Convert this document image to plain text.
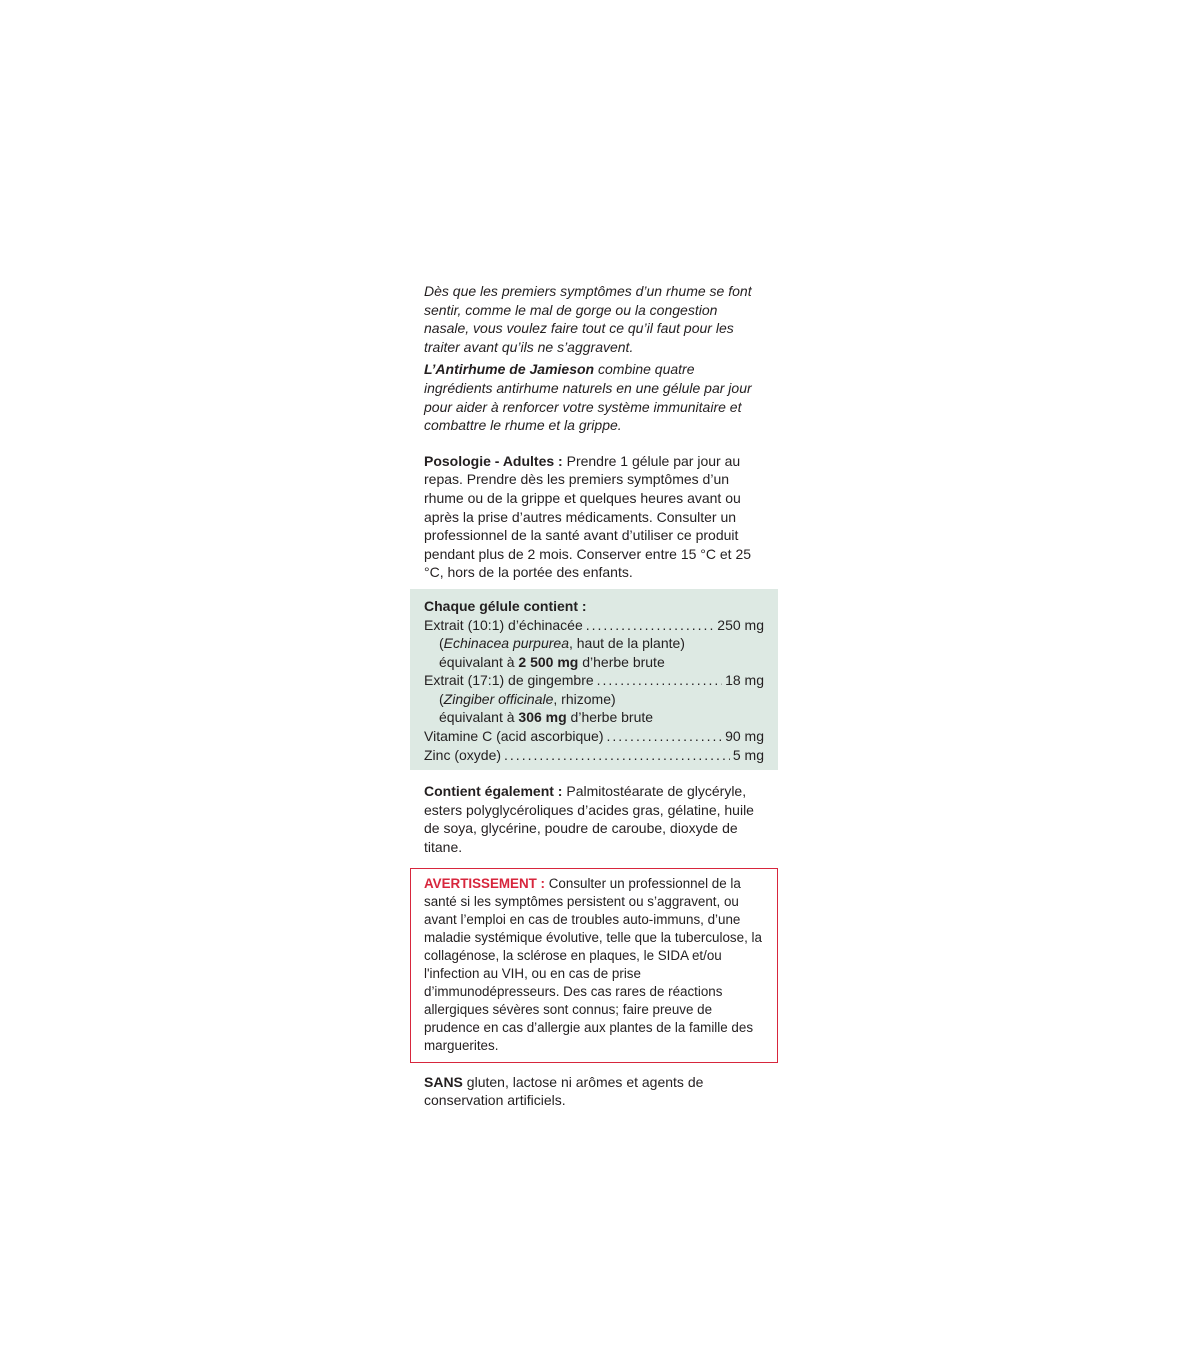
Dès que les premiers symptômes d’un rhume se font sentir, comme le mal de gorge ou la congestion nasale, vous voulez faire tout ce qu’il faut pour les traiter avant qu’ils ne s’aggravent.

L’Antirhume de Jamieson combine quatre ingrédients antirhume naturels en une gélule par jour pour aider à renforcer votre système immunitaire et combattre le rhume et la grippe.

Posologie - Adultes : Prendre 1 gélule par jour au repas. Prendre dès les premiers symptômes d’un rhume ou de la grippe et quelques heures avant ou après la prise d’autres médicaments. Consulter un professionnel de la santé avant d’utiliser ce produit pendant plus de 2 mois. Conserver entre 15 °C et 25 °C, hors de la portée des enfants.
Chaque gélule contient :
Extrait (10:1) d’échinacée .....	250 mg
(Echinacea purpurea, haut de la plante)
équivalant à 2 500 mg d’herbe brute
Extrait (17:1) de gingembre .....	18 mg
(Zingiber officinale, rhizome)
équivalant à 306 mg d’herbe brute
Vitamine C (acid ascorbique) .....	90 mg
Zinc (oxyde) .....	5 mg
Contient également : Palmitostéarate de glycéryle, esters polyglycéroliques d’acides gras, gélatine, huile de soya, glycérine, poudre de caroube, dioxyde de titane.
AVERTISSEMENT : Consulter un professionnel de la santé si les symptômes persistent ou s’aggravent, ou avant l’emploi en cas de troubles auto-immuns, d’une maladie systémique évolutive, telle que la tuberculose, la collagénose, la sclérose en plaques, le SIDA et/ou l'infection au VIH, ou en cas de prise d’immunodépresseurs. Des cas rares de réactions allergiques sévères sont connus; faire preuve de prudence en cas d’allergie aux plantes de la famille des marguerites.
SANS gluten, lactose ni arômes et agents de conservation artificiels.
